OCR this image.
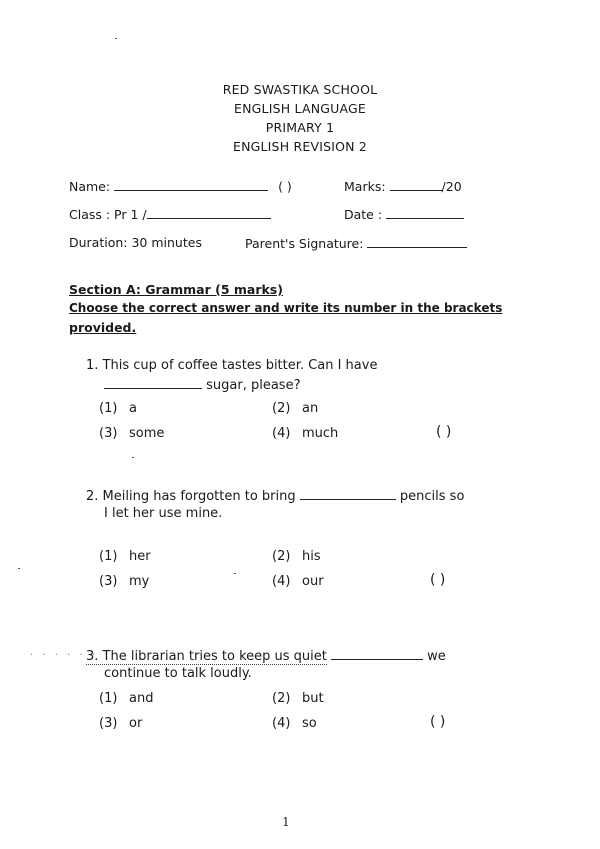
RED SWASTIKA SCHOOL
ENGLISH LANGUAGE
PRIMARY 1
ENGLISH REVISION 2
Name:	( )	Marks:	/20
Class : Pr 1 /	Date :
Duration: 30 minutes	Parent's Signature:
Section A: Grammar (5 marks)
Choose the correct answer and write its number in the brackets
provided.
1. This cup of coffee tastes bitter. Can I have
sugar, please?
(1) a	(2) an
(3) some	(4) much	( )
2. Meiling has forgotten to bring	pencils so
I let her use mine.
(1) her	(2) his
(3) my	(4) our	( )
3. The librarian tries to keep us quiet	we
continue to talk loudly.
(1) and	(2) but
(3) or	(4) so	( )
· · · · · ·
1
